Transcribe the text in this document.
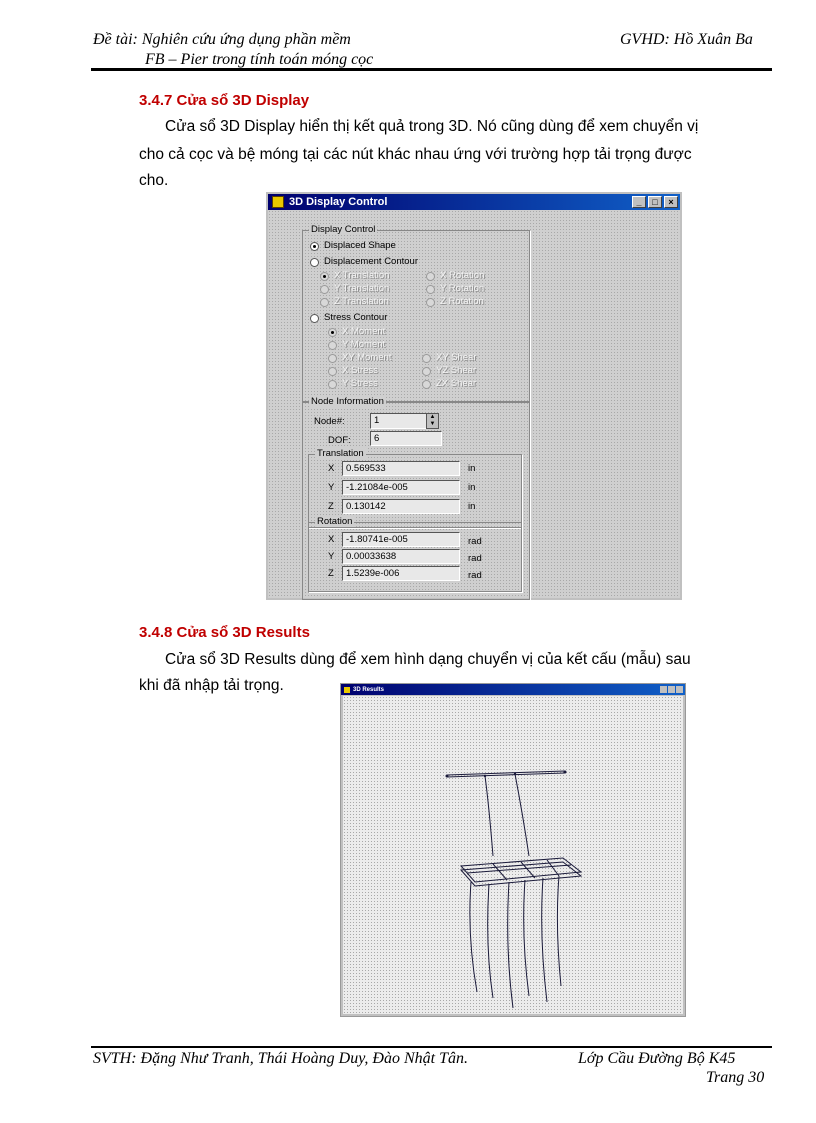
Đề tài: Nghiên cứu ứng dụng phần mềm
FB – Pier trong tính toán móng cọc
GVHD: Hồ Xuân Ba
3.4.7 Cửa sổ 3D Display
Cửa sổ 3D Display hiển thị kết quả trong 3D. Nó cũng dùng để xem chuyển vị
cho cả cọc và bệ móng tại các nút khác nhau ứng với trường hợp tải trọng được
cho.
3D Display Control	_	□	×
Display Control
Displaced Shape
Displacement Contour
X Translation	X Rotation
Y Translation	Y Rotation
Z Translation	Z Rotation
Stress Contour
X Moment
Y Moment
XY Moment	XY Shear
X Stress	YZ Shear
Y Stress	ZX Shear
Node Information
Node#:	1	▲
▼
DOF:	6
Translation
X	0.569533	in
Y	-1.21084e-005	in
Z	0.130142	in
Rotation
X	-1.80741e-005	rad
Y	0.00033638	rad
Z	1.5239e-006	rad
3.4.8 Cửa sổ 3D Results
Cửa sổ 3D Results dùng để xem hình dạng chuyển vị của kết cấu (mẫu) sau
khi đã nhập tải trọng.	3D Results
SVTH: Đặng Như Tranh, Thái Hoàng Duy, Đào Nhật Tân.	Lớp Cầu Đường Bộ K45
Trang 30
